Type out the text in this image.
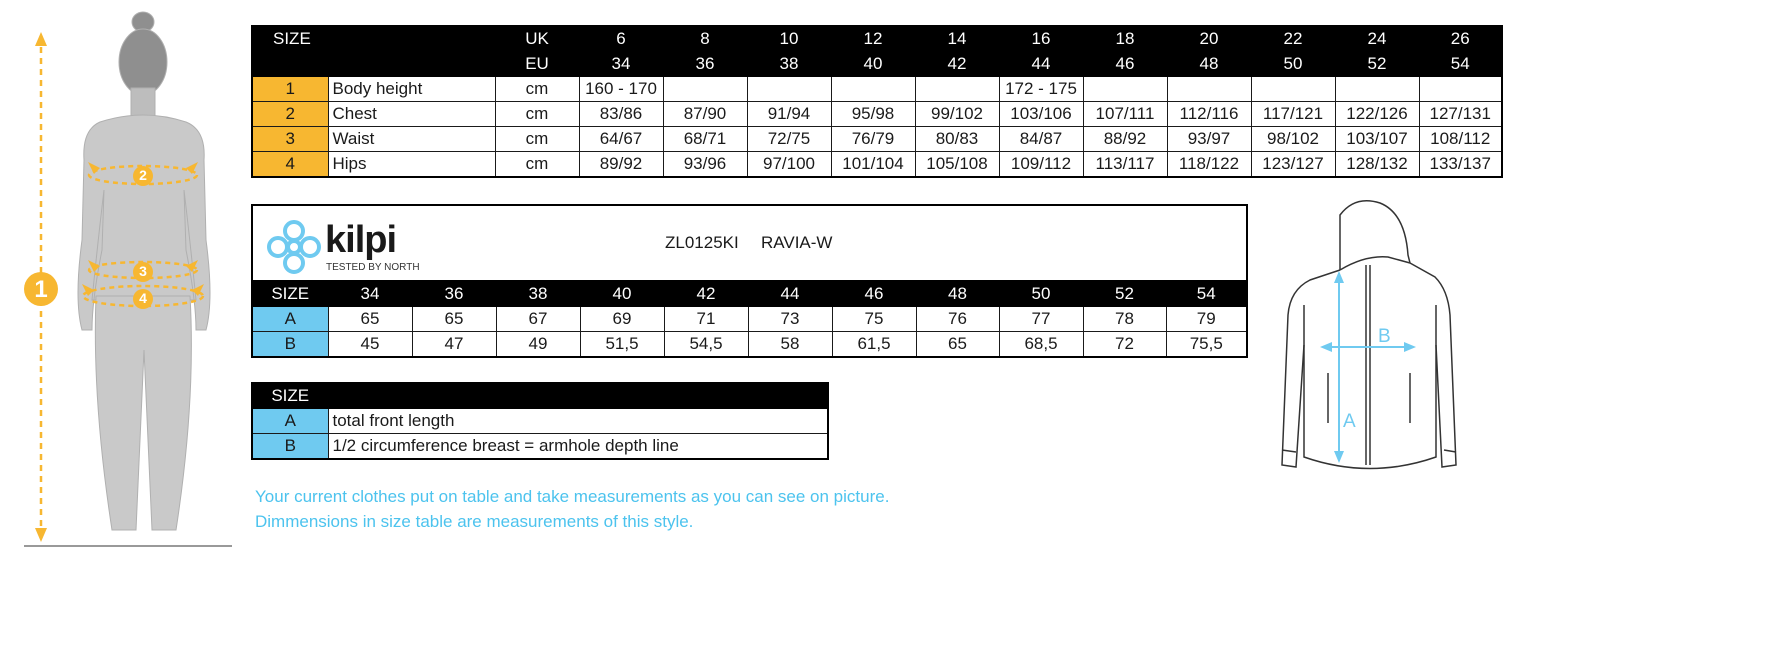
1
2
3
4
SIZE		UK	6	8	10	12	14	16	18	20	22	24	26
		EU	34	36	38	40	42	44	46	48	50	52	54
1	Body height	cm	160 - 170					172 - 175					
2	Chest	cm	83/86	87/90	91/94	95/98	99/102	103/106	107/111	112/116	117/121	122/126	127/131
3	Waist	cm	64/67	68/71	72/75	76/79	80/83	84/87	88/92	93/97	98/102	103/107	108/112
4	Hips	cm	89/92	93/96	97/100	101/104	105/108	109/112	113/117	118/122	123/127	128/132	133/137
kilpi
TESTED BY NORTH
ZL0125KI RAVIA-W
SIZE	34	36	38	40	42	44	46	48	50	52	54
A	65	65	67	69	71	73	75	76	77	78	79
B	45	47	49	51,5	54,5	58	61,5	65	68,5	72	75,5
SIZE	
A	total front length
B	1/2 circumference breast = armhole depth line
Your current clothes put on table and take measurements as you can see on picture.
Dimmensions in size table are measurements of this style.
A
B
